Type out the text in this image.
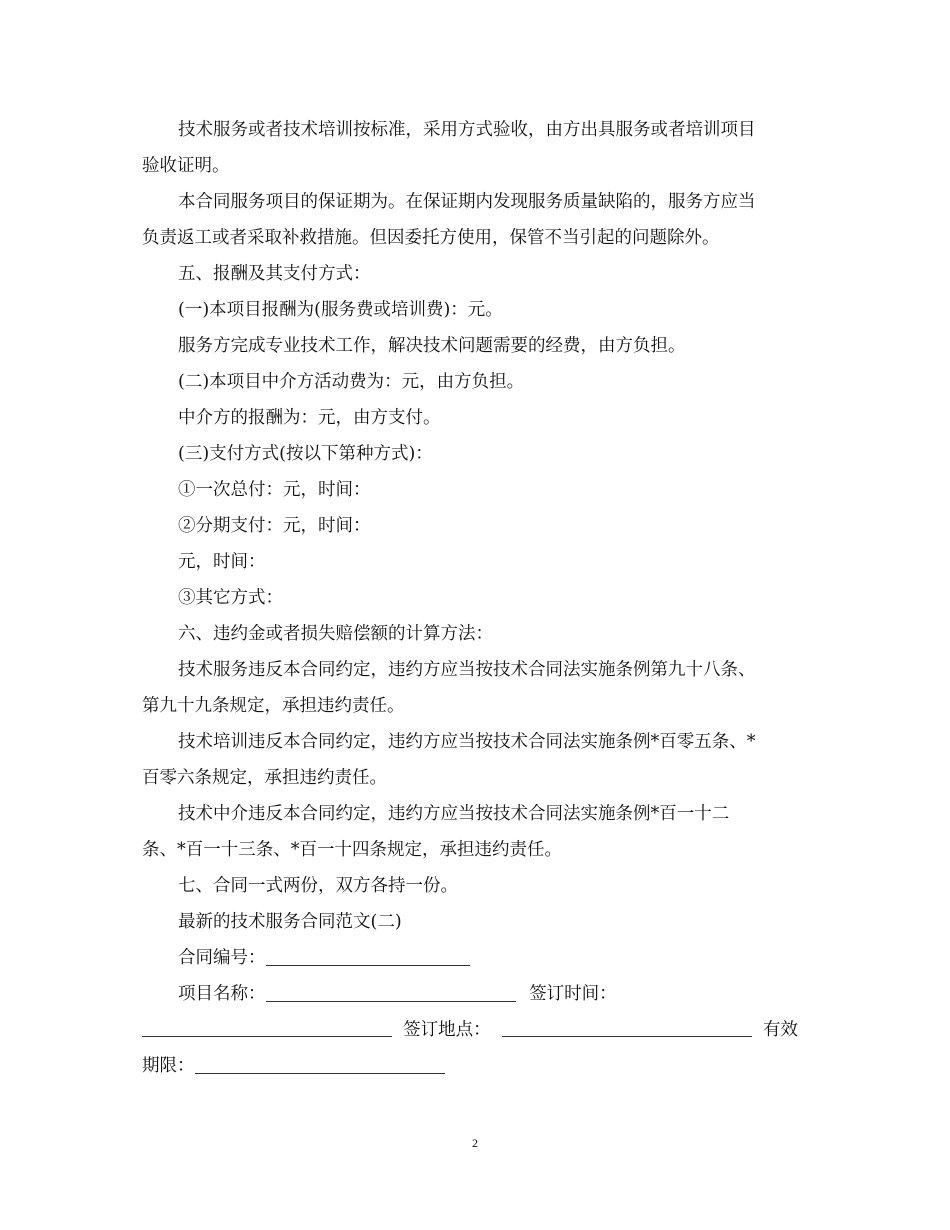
技术服务或者技术培训按标准，采用方式验收，由方出具服务或者培训项目
验收证明。
本合同服务项目的保证期为。在保证期内发现服务质量缺陷的，服务方应当
负责返工或者采取补救措施。但因委托方使用，保管不当引起的问题除外。
五、报酬及其支付方式：
(一)本项目报酬为(服务费或培训费)：元。
服务方完成专业技术工作，解决技术问题需要的经费，由方负担。
(二)本项目中介方活动费为：元，由方负担。
中介方的报酬为：元，由方支付。
(三)支付方式(按以下第种方式)：
①一次总付：元，时间：
②分期支付：元，时间：
元，时间：
③其它方式：
六、违约金或者损失赔偿额的计算方法：
技术服务违反本合同约定，违约方应当按技术合同法实施条例第九十八条、
第九十九条规定，承担违约责任。
技术培训违反本合同约定，违约方应当按技术合同法实施条例*百零五条、*
百零六条规定，承担违约责任。
技术中介违反本合同约定，违约方应当按技术合同法实施条例*百一十二
条、*百一十三条、*百一十四条规定，承担违约责任。
七、合同一式两份，双方各持一份。
最新的技术服务合同范文(二)
合同编号：
项目名称：	签订时间：
签订地点：	有效
期限：
2
